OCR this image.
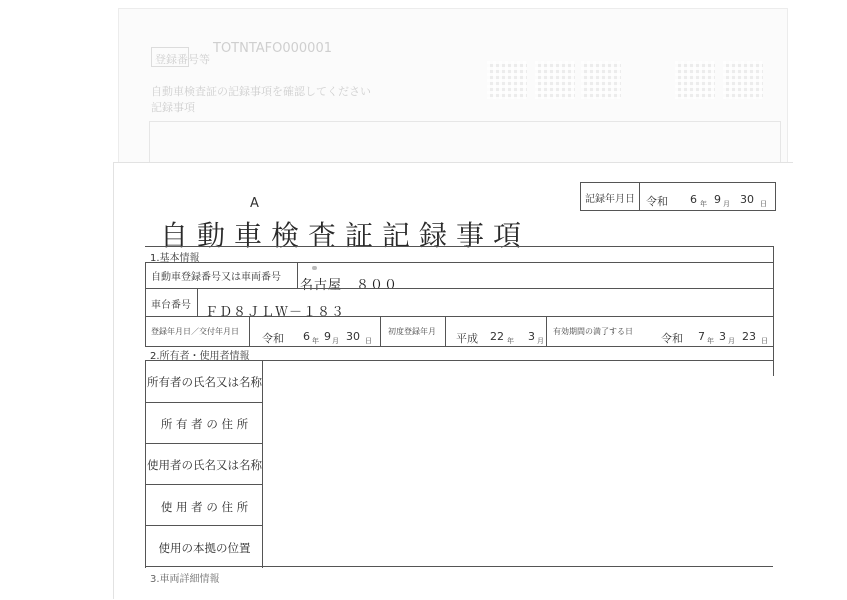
登録番号等
TOTNTAFO000001
自動車検査証の記録事項を確認してください
記録事項
A
自動車検査証記録事項
記録年月日 令和 6 年 9 月 30 日
1.基本情報
自動車登録番号又は車両番号
名古屋　８００
車台番号 ＦＤ８ＪＬＷ－１８３
登録年月日／交付年月日
令和 6 年 9 月 30 日
初度登録年月
平成 22 年 3 月
有効期間の満了する日
令和 7 年 3 月 23 日
2.所有者・使用者情報
所有者の氏名又は名称
所 有 者 の 住 所
使用者の氏名又は名称
使 用 者 の 住 所
使用の本拠の位置
